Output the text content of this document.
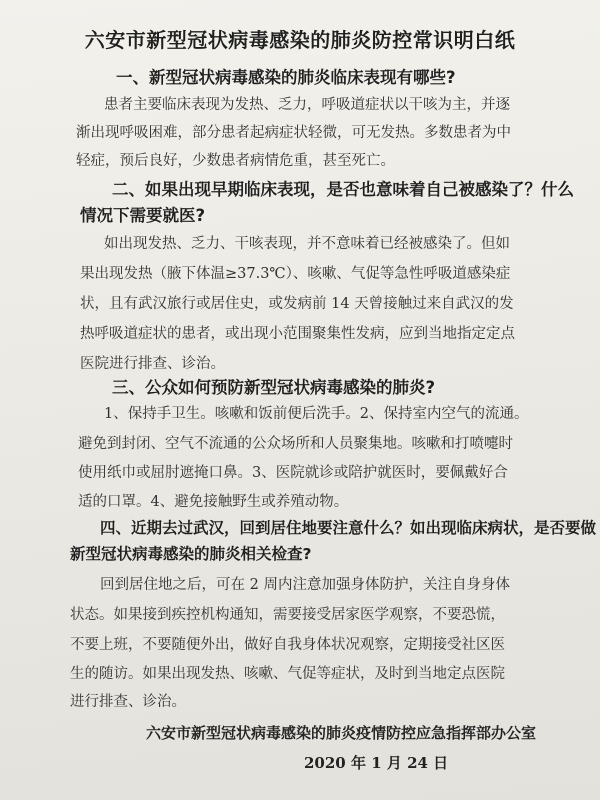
六安市新型冠状病毒感染的肺炎防控常识明白纸
一、新型冠状病毒感染的肺炎临床表现有哪些?
患者主要临床表现为发热、乏力，呼吸道症状以干咳为主，并逐
渐出现呼吸困难，部分患者起病症状轻微，可无发热。多数患者为中
轻症，预后良好，少数患者病情危重，甚至死亡。
二、如果出现早期临床表现，是否也意味着自己被感染了？什么
情况下需要就医?
如出现发热、乏力、干咳表现，并不意味着已经被感染了。但如
果出现发热（腋下体温≥37.3℃）、咳嗽、气促等急性呼吸道感染症
状，且有武汉旅行或居住史，或发病前 14 天曾接触过来自武汉的发
热呼吸道症状的患者，或出现小范围聚集性发病，应到当地指定定点
医院进行排查、诊治。
三、公众如何预防新型冠状病毒感染的肺炎?
1、保持手卫生。咳嗽和饭前便后洗手。2、保持室内空气的流通。
避免到封闭、空气不流通的公众场所和人员聚集地。咳嗽和打喷嚏时
使用纸巾或屈肘遮掩口鼻。3、医院就诊或陪护就医时，要佩戴好合
适的口罩。4、避免接触野生或养殖动物。
四、近期去过武汉，回到居住地要注意什么？如出现临床病状，是否要做
新型冠状病毒感染的肺炎相关检查?
回到居住地之后，可在 2 周内注意加强身体防护，关注自身身体
状态。如果接到疾控机构通知，需要接受居家医学观察，不要恐慌，
不要上班，不要随便外出，做好自我身体状况观察，定期接受社区医
生的随访。如果出现发热、咳嗽、气促等症状，及时到当地定点医院
进行排查、诊治。
六安市新型冠状病毒感染的肺炎疫情防控应急指挥部办公室
2020 年 1 月 24 日
